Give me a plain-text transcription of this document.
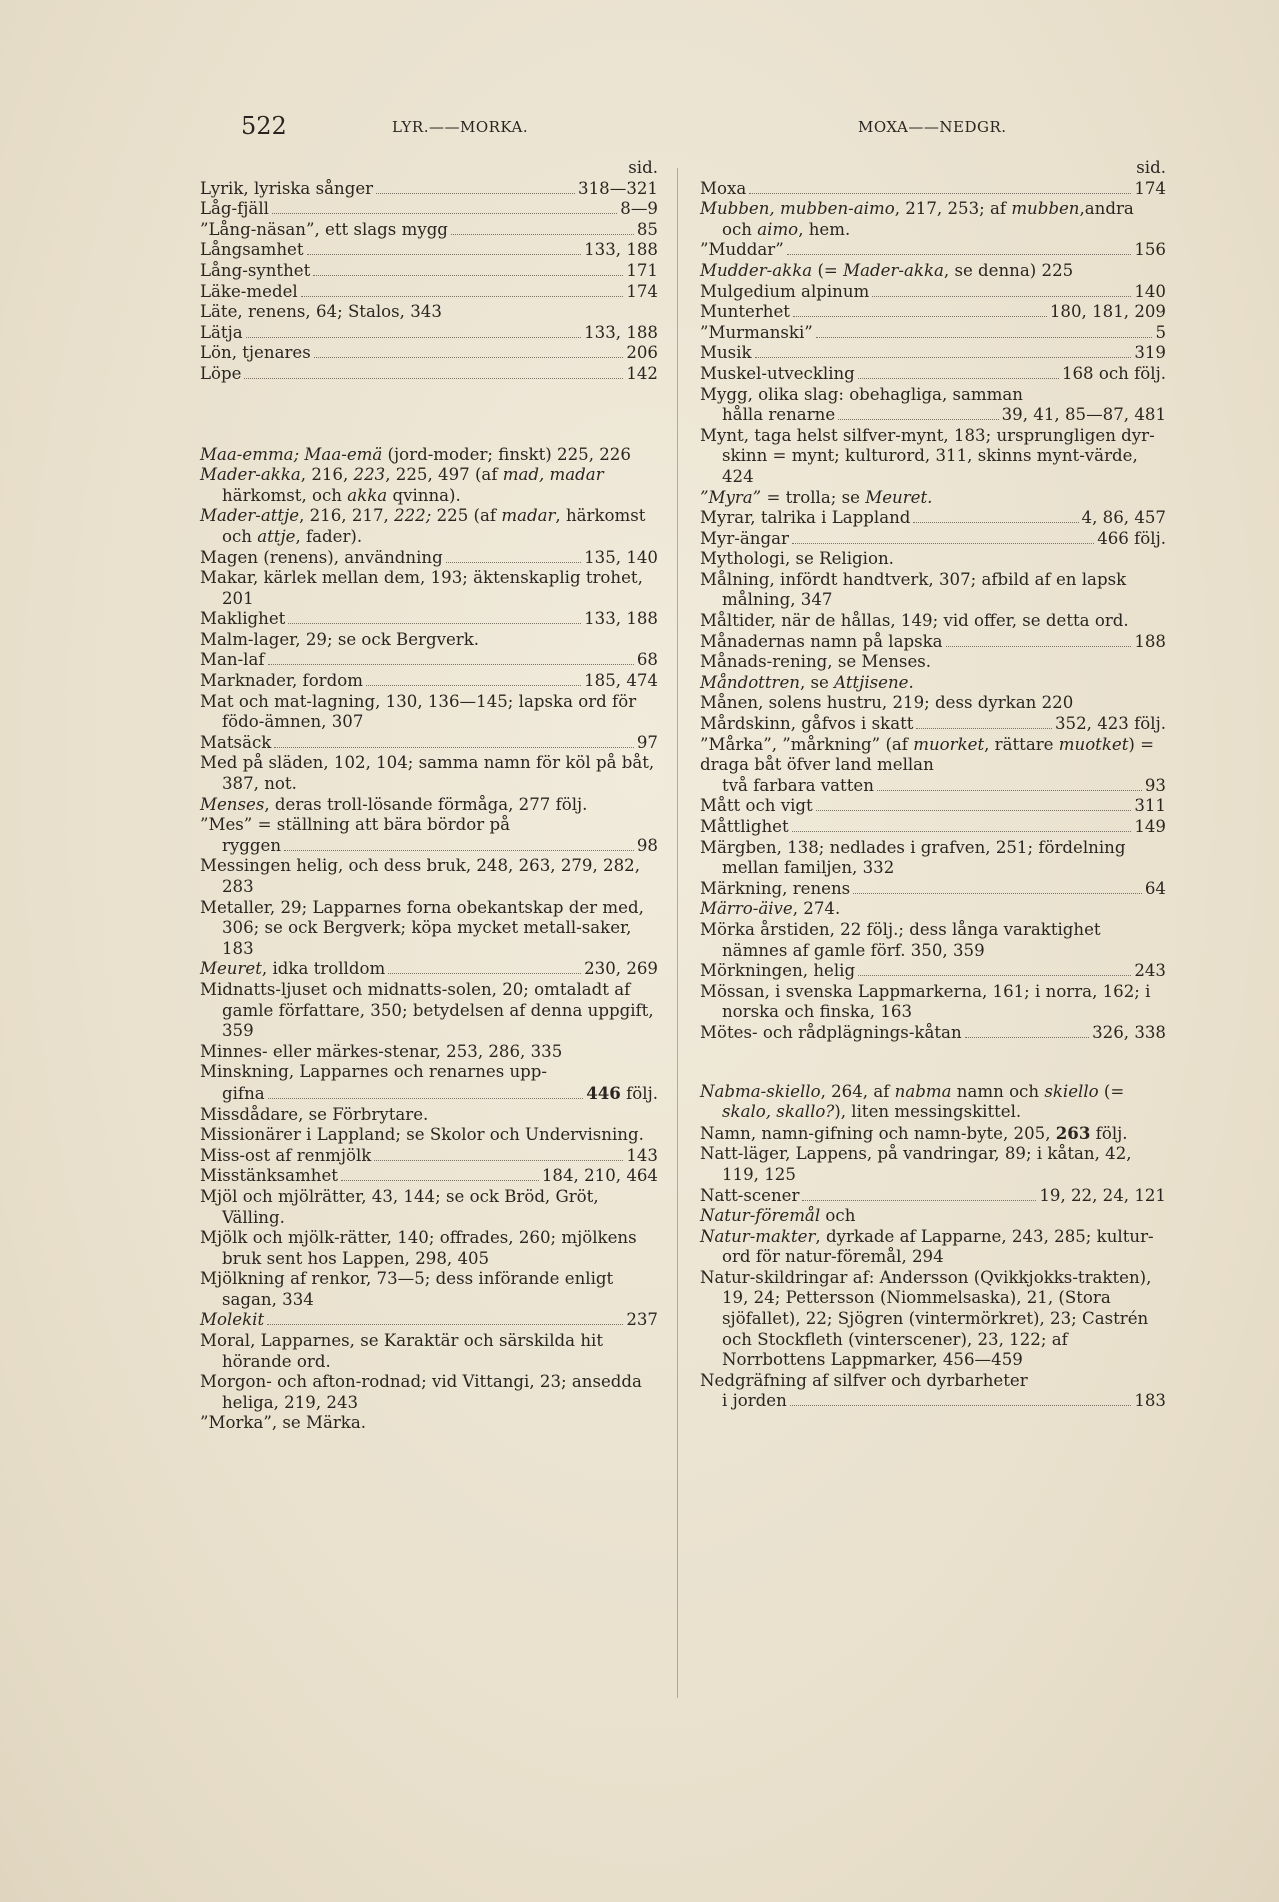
522	LYR.——MORKA.	MOXA——NEDGR.
sid.
Lyrik, lyriska sånger	318—321
Låg-fjäll	8—9
”Lång-näsan”, ett slags mygg	85
Långsamhet	133, 188
Lång-synthet	171
Läke-medel	174
Läte, renens, 64; Stalos, 343
Lätja	133, 188
Lön, tjenares	206
Löpe	142
Maa-emma; Maa-emä (jord-moder; finskt) 225, 226
Mader-akka, 216, 223, 225, 497 (af mad, madar härkomst, och akka qvinna).
Mader-attje, 216, 217, 222; 225 (af madar, härkomst och attje, fader).
Magen (renens), användning	135, 140
Makar, kärlek mellan dem, 193; äktenskaplig trohet, 201
Maklighet	133, 188
Malm-lager, 29; se ock Bergverk.
Man-laf	68
Marknader, fordom	185, 474
Mat och mat-lagning, 130, 136—145; lapska ord för födo-ämnen, 307
Matsäck	97
Med på släden, 102, 104; samma namn för köl på båt, 387, not.
Menses, deras troll-lösande förmåga, 277 följ.
”Mes” = ställning att bära bördor på
ryggen	98
Messingen helig, och dess bruk, 248, 263, 279, 282, 283
Metaller, 29; Lapparnes forna obekantskap der med, 306; se ock Bergverk; köpa mycket metall-saker, 183
Meuret, idka trolldom	230, 269
Midnatts-ljuset och midnatts-solen, 20; omtaladt af gamle författare, 350; betydelsen af denna uppgift, 359
Minnes- eller märkes-stenar, 253, 286, 335
Minskning, Lapparnes och renarnes upp-
gifna	446 följ.
Missdådare, se Förbrytare.
Missionärer i Lappland; se Skolor och Undervisning.
Miss-ost af renmjölk	143
Misstänksamhet	184, 210, 464
Mjöl och mjölrätter, 43, 144; se ock Bröd, Gröt, Välling.
Mjölk och mjölk-rätter, 140; offrades, 260; mjölkens bruk sent hos Lappen, 298, 405
Mjölkning af renkor, 73—5; dess införande enligt sagan, 334
Molekit	237
Moral, Lapparnes, se Karaktär och särskilda hit hörande ord.
Morgon- och afton-rodnad; vid Vittangi, 23; ansedda heliga, 219, 243
”Morka”, se Märka.
sid.
Moxa	174
Mubben, mubben-aimo, 217, 253; af mubben,andra och aimo, hem.
”Muddar”	156
Mudder-akka (= Mader-akka, se denna) 225
Mulgedium alpinum	140
Munterhet	180, 181, 209
”Murmanski”	5
Musik	319
Muskel-utveckling	168 och följ.
Mygg, olika slag: obehagliga, samman
hålla renarne	39, 41, 85—87, 481
Mynt, taga helst silfver-mynt, 183; ursprungligen dyr-skinn = mynt; kulturord, 311, skinns mynt-värde, 424
”Myra” = trolla; se Meuret.
Myrar, talrika i Lappland	4, 86, 457
Myr-ängar	466 följ.
Mythologi, se Religion.
Målning, infördt handtverk, 307; afbild af en lapsk målning, 347
Måltider, när de hållas, 149; vid offer, se detta ord.
Månadernas namn på lapska	188
Månads-rening, se Menses.
Måndottren, se Attjisene.
Månen, solens hustru, 219; dess dyrkan 220
Mårdskinn, gåfvos i skatt	352, 423 följ.
”Mårka”, ”mårkning” (af muorket, rättare muotket) = draga båt öfver land mellan
två farbara vatten	93
Mått och vigt	311
Måttlighet	149
Märgben, 138; nedlades i grafven, 251; fördelning mellan familjen, 332
Märkning, renens	64
Märro-äive, 274.
Mörka årstiden, 22 följ.; dess långa varaktighet nämnes af gamle förf. 350, 359
Mörkningen, helig	243
Mössan, i svenska Lappmarkerna, 161; i norra, 162; i norska och finska, 163
Mötes- och rådplägnings-kåtan	326, 338
Nabma-skiello, 264, af nabma namn och skiello (= skalo, skallo?), liten messingskittel.
Namn, namn-gifning och namn-byte, 205, 263 följ.
Natt-läger, Lappens, på vandringar, 89; i kåtan, 42, 119, 125
Natt-scener	19, 22, 24, 121
Natur-föremål och
Natur-makter, dyrkade af Lapparne, 243, 285; kultur-ord för natur-föremål, 294
Natur-skildringar af: Andersson (Qvikkjokks-trakten), 19, 24; Pettersson (Niommelsaska), 21, (Stora sjöfallet), 22; Sjögren (vintermörkret), 23; Castrén och Stockfleth (vinterscener), 23, 122; af Norrbottens Lappmarker, 456—459
Nedgräfning af silfver och dyrbarheter
i jorden	183
